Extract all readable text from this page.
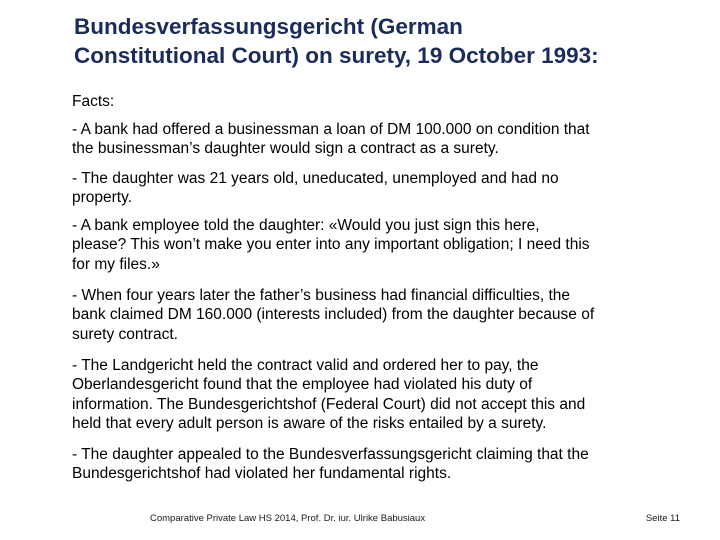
Bundesverfassungsgericht (German
Constitutional Court) on surety, 19 October 1993:
Facts:
- A bank had offered a businessman a loan of DM 100.000 on condition that
the businessman’s daughter would sign a contract as a surety.
- The daughter was 21 years old, uneducated, unemployed and had no
property.
- A bank employee told the daughter: «Would you just sign this here,
please? This won’t make you enter into any important obligation; I need this
for my files.»
- When four years later the father’s business had financial difficulties, the
bank claimed DM 160.000 (interests included) from the daughter because of
surety contract.
- The Landgericht held the contract valid and ordered her to pay, the
Oberlandesgericht found that the employee had violated his duty of
information. The Bundesgerichtshof (Federal Court) did not accept this and
held that every adult person is aware of the risks entailed by a surety.
- The daughter appealed to the Bundesverfassungsgericht claiming that the
Bundesgerichtshof had violated her fundamental rights.
Comparative Private Law HS 2014, Prof. Dr. iur. Ulrike Babusiaux	Seite 11
